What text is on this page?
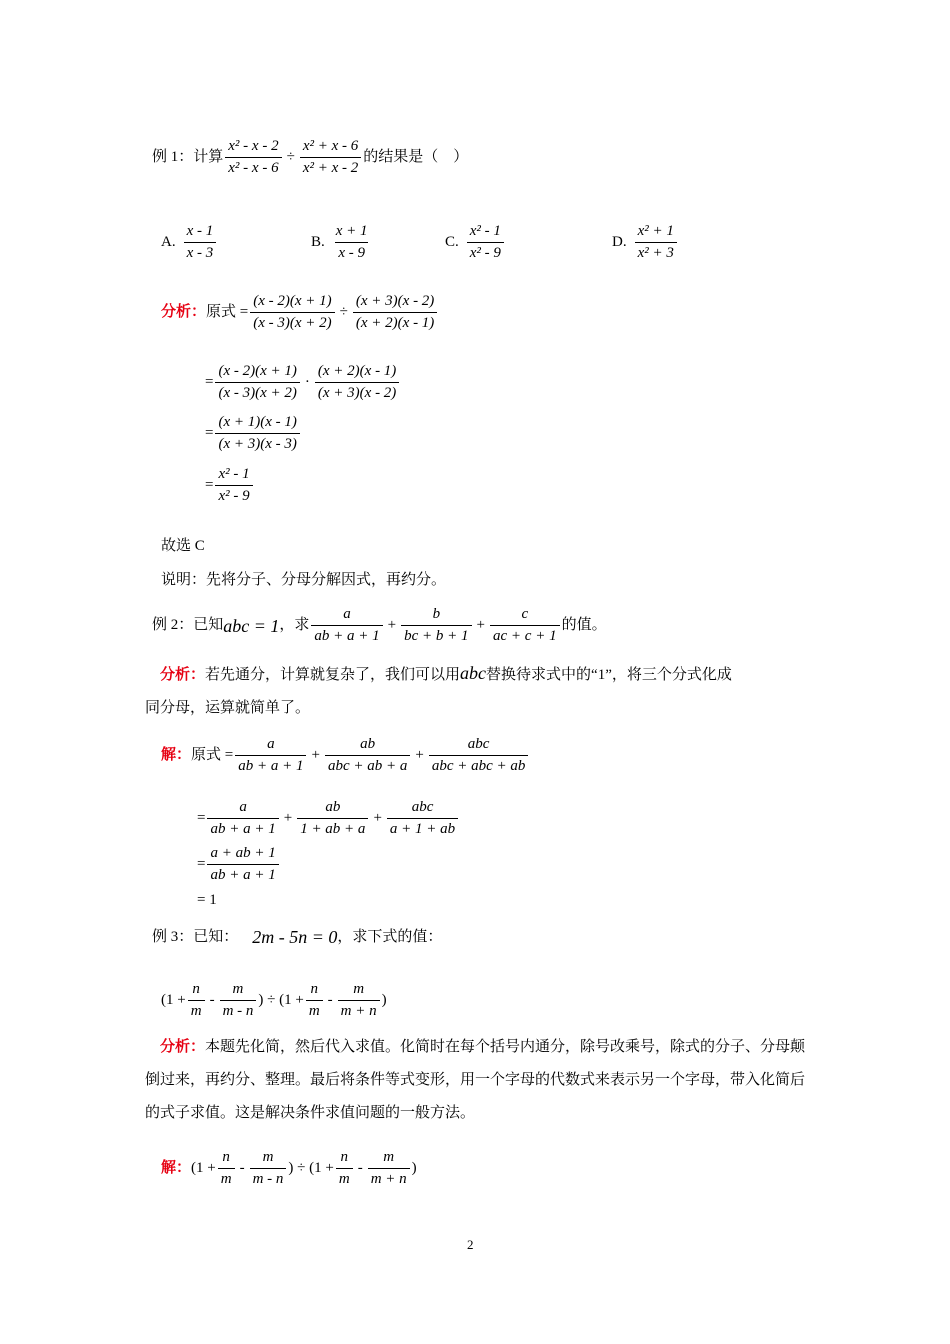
例 1：计算 $\frac{\text{x² - x - 2}}{\text{x² - x - 6}} \div \frac{\text{x² + x - 6}}{\text{x² + x - 2}}$ 的结果是（　）
A. $\frac{x - 1}{x - 3}$	B. $\frac{x + 1}{x - 9}$	C. $\frac{\text{x² - 1}}{\text{x² - 9}}$	D. $\frac{\text{x² + 1}}{\text{x² + 3}}$
分析： 原式 = $\frac{(x - 2)(x + 1)}{(x - 3)(x + 2)} \div \frac{(x + 3)(x - 2)}{(x + 2)(x - 1)}$
= $\frac{(x - 2)(x + 1)}{(x - 3)(x + 2)} \cdot \frac{(x + 2)(x - 1)}{(x + 3)(x - 2)}$
= $\frac{(x + 1)(x - 1)}{(x + 3)(x - 3)}$
= $\frac{\text{x² - 1}}{\text{x² - 9}}$
故选 C
说明：先将分子、分母分解因式，再约分。
例 2：已知 abc = 1 ，求 $\frac{a}{ab + a + 1} + \frac{b}{bc + b + 1} + \frac{c}{ac + c + 1}$ 的值。
分析：若先通分，计算就复杂了，我们可以用abc替换待求式中的“1”，将三个分式化成
同分母，运算就简单了。
解： 原式 = $\frac{a}{ab + a + 1} + \frac{ab}{\text{abc + ab + a}} + \frac{\text{abc}}{\text{abc + abc + ab}}$
= $\frac{a}{ab + a + 1} + \frac{ab}{1 + ab + a} + \frac{\text{abc}}{a + 1 + ab}$
= $\frac{a + ab + 1}{ab + a + 1}$
= 1
例 3：已知： 2m - 5n = 0 ，求下式的值：
($1 + \frac{n}{m} - \frac{m}{m - n}$ ) ÷ ($1 + \frac{n}{m} - \frac{m}{m + n}$ )
分析：本题先化简，然后代入求值。化简时在每个括号内通分，除号改乘号，除式的分子、分母颠倒过来，再约分、整理。最后将条件等式变形，用一个字母的代数式来表示另一个字母，带入化简后的式子求值。这是解决条件求值问题的一般方法。
解： ($1 + \frac{n}{m} - \frac{m}{m - n}$ ) ÷ ($1 + \frac{n}{m} - \frac{m}{m + n}$ )
2
